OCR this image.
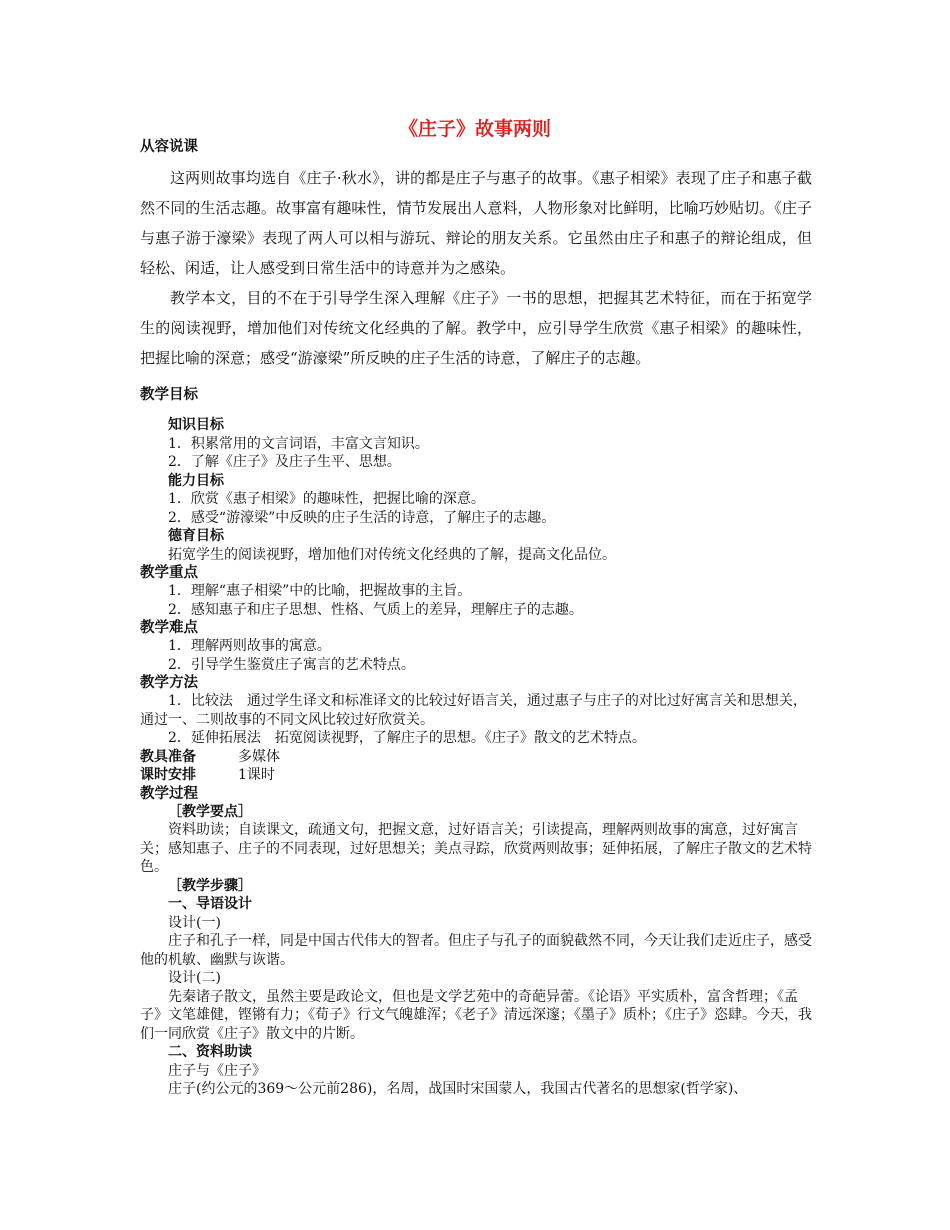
《庄子》故事两则
从容说课

这两则故事均选自《庄子·秋水》，讲的都是庄子与惠子的故事。《惠子相梁》表现了庄子和惠子截然不同的生活志趣。故事富有趣味性，情节发展出人意料，人物形象对比鲜明，比喻巧妙贴切。《庄子与惠子游于濠梁》表现了两人可以相与游玩、辩论的朋友关系。它虽然由庄子和惠子的辩论组成，但轻松、闲适，让人感受到日常生活中的诗意并为之感染。

教学本文，目的不在于引导学生深入理解《庄子》一书的思想，把握其艺术特征，而在于拓宽学生的阅读视野，增加他们对传统文化经典的了解。教学中，应引导学生欣赏《惠子相梁》的趣味性，把握比喻的深意；感受“游濠梁”所反映的庄子生活的诗意，了解庄子的志趣。

教学目标
知识目标
1．积累常用的文言词语，丰富文言知识。
2．了解《庄子》及庄子生平、思想。
能力目标
1．欣赏《惠子相梁》的趣味性，把握比喻的深意。
2．感受“游濠梁”中反映的庄子生活的诗意，了解庄子的志趣。
德育目标
拓宽学生的阅读视野，增加他们对传统文化经典的了解，提高文化品位。
教学重点
1．理解“惠子相梁”中的比喻，把握故事的主旨。
2．感知惠子和庄子思想、性格、气质上的差异，理解庄子的志趣。
教学难点
1．理解两则故事的寓意。
2．引导学生鉴赏庄子寓言的艺术特点。
教学方法

1．比较法　通过学生译文和标准译文的比较过好语言关，通过惠子与庄子的对比过好寓言关和思想关，通过一、二则故事的不同文风比较过好欣赏关。

2．延伸拓展法　拓宽阅读视野，了解庄子的思想。《庄子》散文的艺术特点。
教具准备	多媒体
课时安排	1课时
教学过程
［教学要点］

资料助读；自读课文，疏通文句，把握文意，过好语言关；引读提高，理解两则故事的寓意，过好寓言关；感知惠子、庄子的不同表现，过好思想关；美点寻踪，欣赏两则故事；延伸拓展，了解庄子散文的艺术特色。

［教学步骤］
一、导语设计
设计(一)

庄子和孔子一样，同是中国古代伟大的智者。但庄子与孔子的面貌截然不同，今天让我们走近庄子，感受他的机敏、幽默与诙谐。

设计(二)

先秦诸子散文，虽然主要是政论文，但也是文学艺苑中的奇葩异蕾。《论语》平实质朴，富含哲理；《孟子》文笔雄健，铿锵有力；《荀子》行文气魄雄浑；《老子》清远深邃；《墨子》质朴；《庄子》恣肆。今天，我们一同欣赏《庄子》散文中的片断。

二、资料助读
庄子与《庄子》

庄子(约公元的369～公元前286)，名周，战国时宋国蒙人，我国古代著名的思想家(哲学家)、
